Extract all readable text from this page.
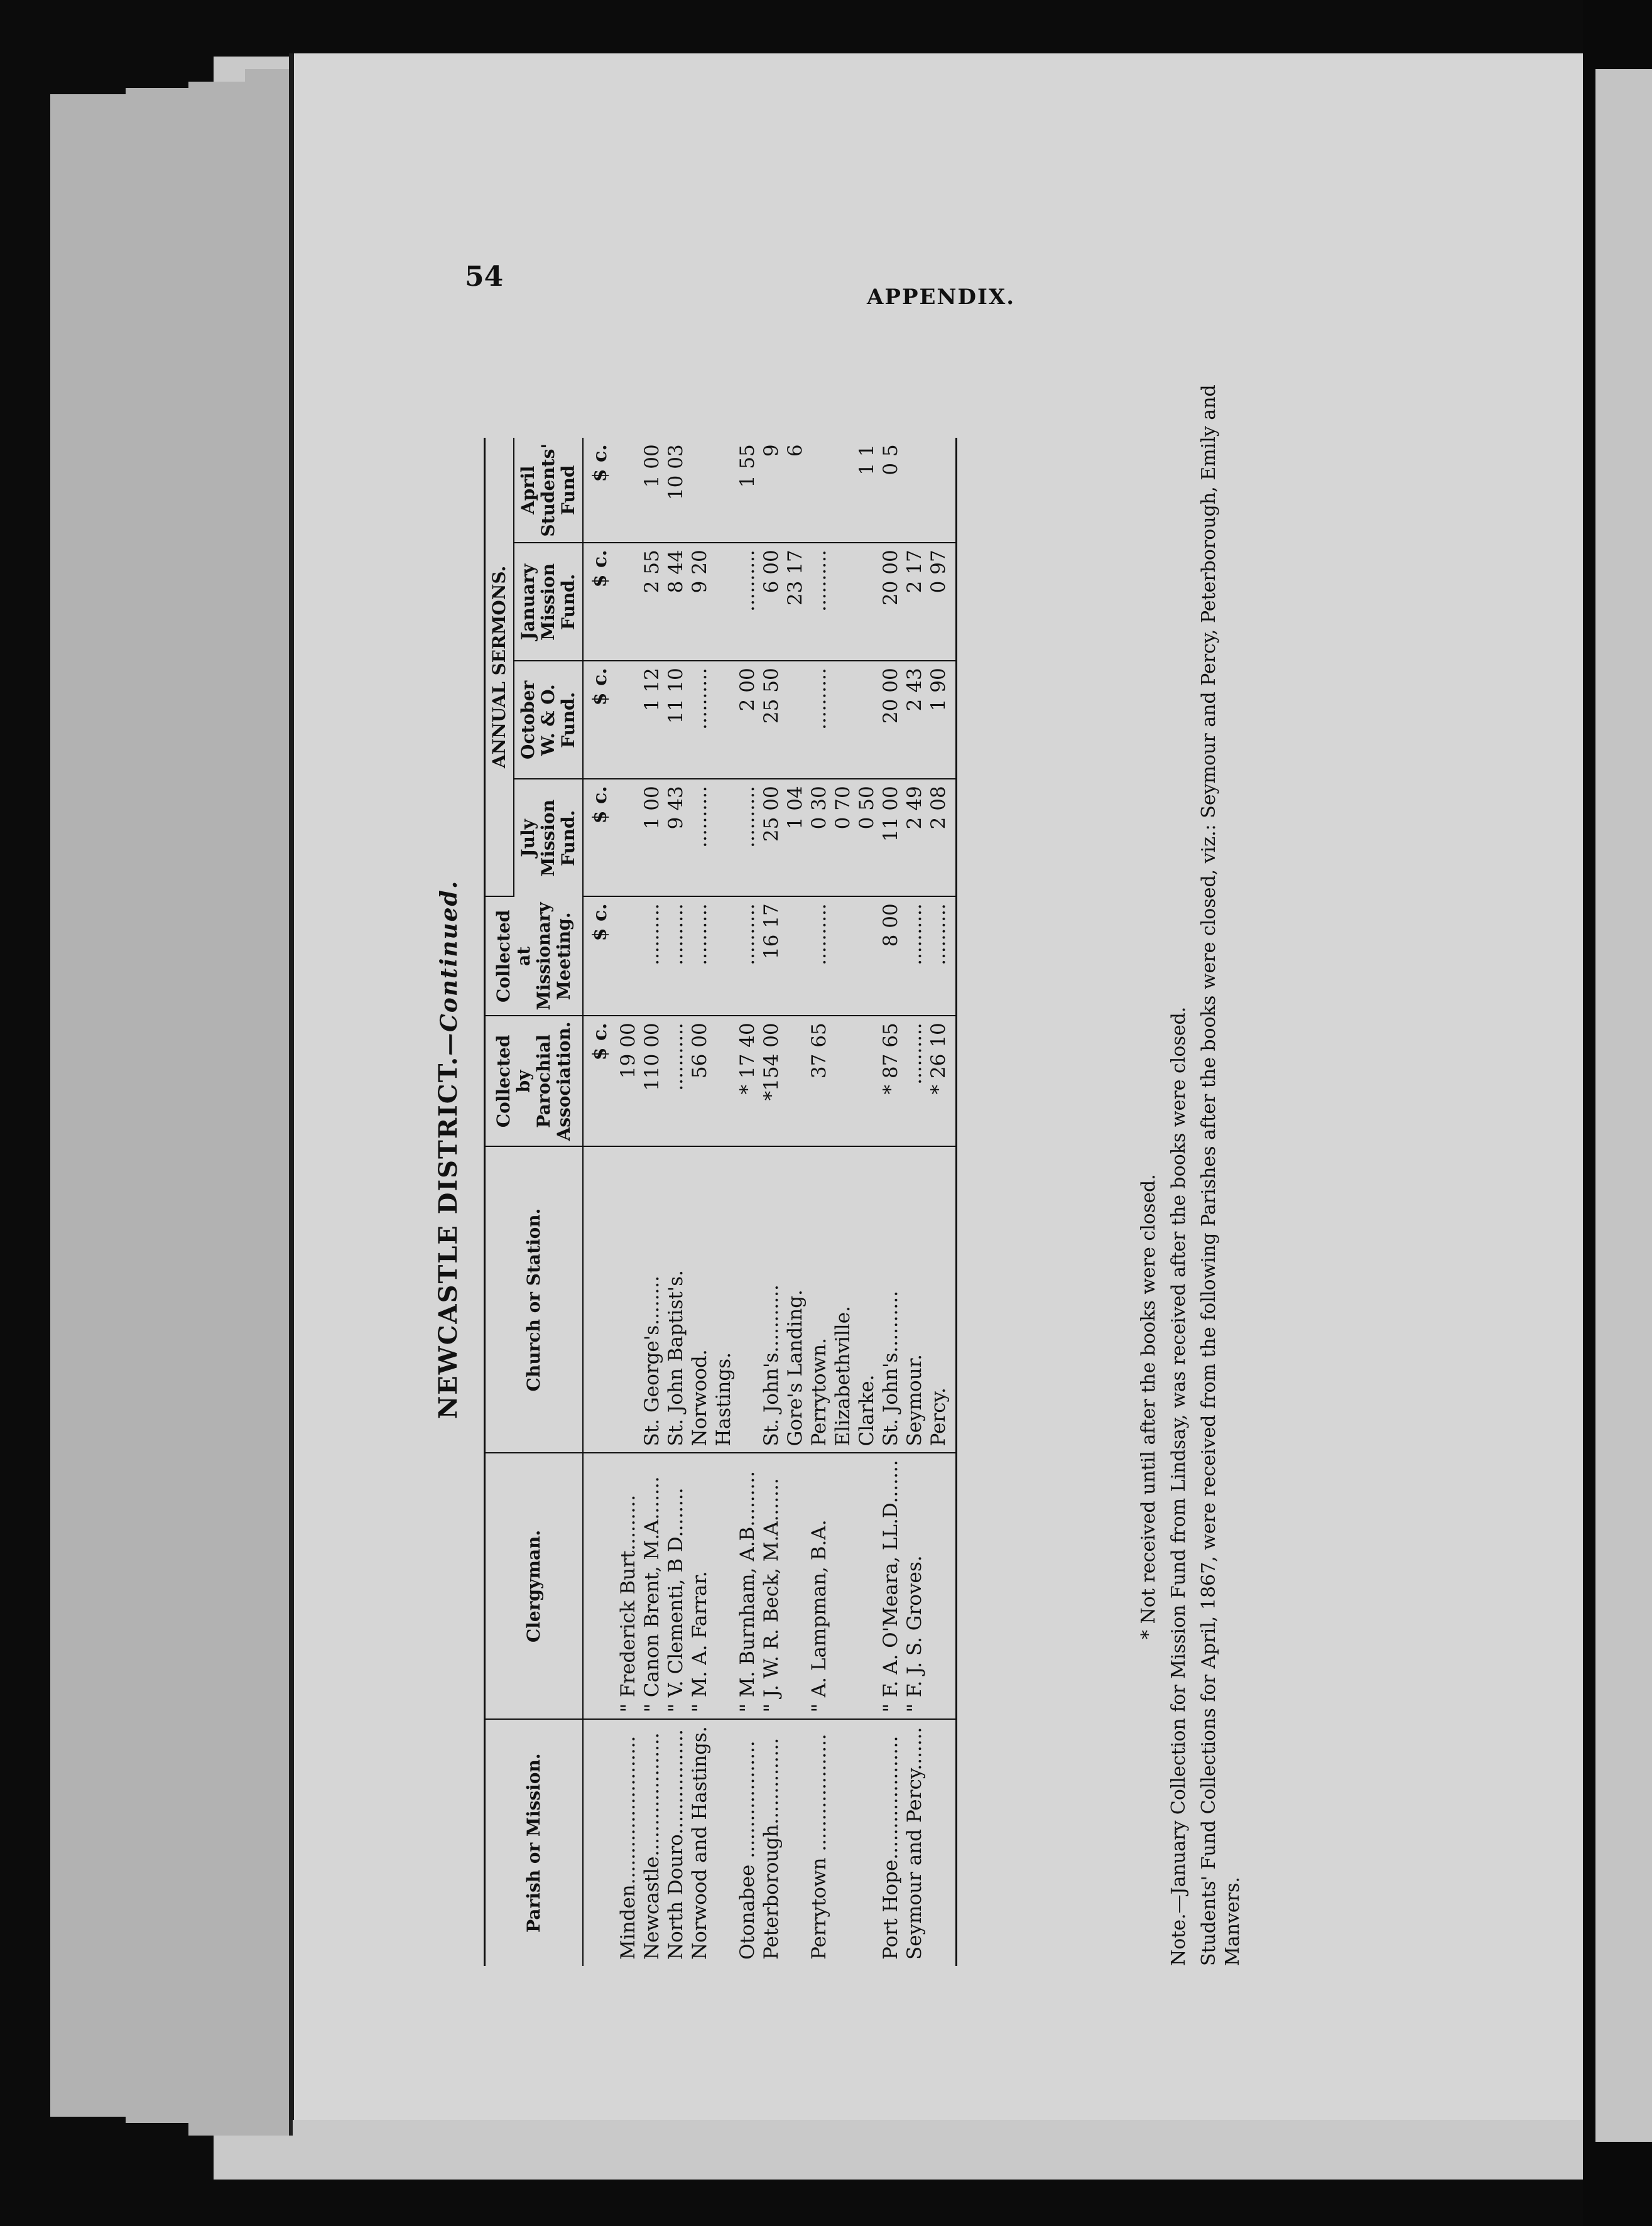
54
APPENDIX.
NEWCASTLE DISTRICT.—Continued.
Parish or Mission.	Clergyman.	Church or Station.	Collected by Parochial Association.	Collected at Missionary Meeting.	ANNUAL SERMONS.			
					July Mission Fund.	October W. & O. Fund.	January Mission Fund.	April Students' Fund
			$ c.	$ c.	$ c.	$ c.	$ c.	$ c.
Minden........................	" Frederick Burt.........		19 00					
Newcastle....................	" Canon Brent, M.A.......	St. George's........	110 00	..........	1 00	1 12	2 55	1 00
North Douro.................	" V. Clementi, B D........	St. John Baptist's.	...........	..........	9 43	11 10	8 44	10 03
Norwood and Hastings.	" M. A. Farrar.	Norwood.	56 00	..........	..........	..........	9 20	
		Hastings.						
Otonabee ...................	" M. Burnham, A.B.........		* 17 40	..........	..........	2 00	..........	1 55
Peterborough..............	" J. W. R. Beck, M.A.......	St. John's...........	*154 00	16 17	25 00	25 50	6 00	9
		Gore's Landing.			1 04		23 17	6
Perrytown ...................	" A. Lampman, B.A.	Perrytown.	37 65	..........	0 30	..........	..........	
		Elizabethville.			0 70			
		Clarke.			0 50			1 1
Port Hope....................	" F. A. O'Meara, LL.D.......	St. John's..........	* 87 65	8 00	11 00	20 00	20 00	0 5
Seymour and Percy.......	" F. J. S. Groves.	Seymour.	..........	..........	2 49	2 43	2 17	
		Percy.	* 26 10	..........	2 08	1 90	0 97	

* Not received until after the books were closed. Note.—January Collection for Mission Fund from Lindsay, was received after the books were closed. Students' Fund Collections for April, 1867, were received from the following Parishes after the books were closed, viz.: Seymour and Percy, Peterborough, Emily and Manvers.
